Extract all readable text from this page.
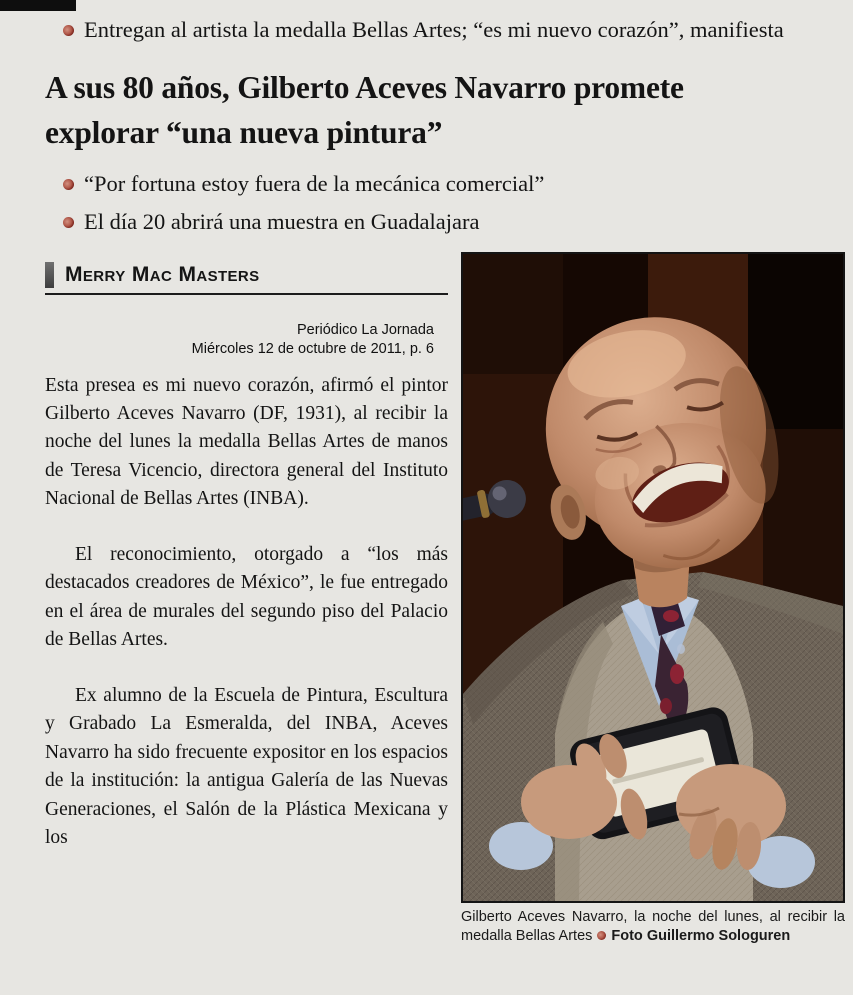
Entregan al artista la medalla Bellas Artes; “es mi nuevo corazón”, manifiesta

A sus 80 años, Gilberto Aceves Navarro promete explorar “una nueva pintura”
“Por fortuna estoy fuera de la mecánica comercial”
El día 20 abrirá una muestra en Guadalajara
Merry Mac Masters
Periódico La Jornada
Miércoles 12 de octubre de 2011, p. 6

Esta presea es mi nuevo corazón, afirmó el pintor Gilberto Aceves Navarro (DF, 1931), al recibir la noche del lunes la medalla Bellas Artes de manos de Teresa Vicencio, directora general del Instituto Nacional de Bellas Artes (INBA).

El reconocimiento, otorgado a “los más destacados creadores de México”, le fue entregado en el área de murales del segundo piso del Palacio de Bellas Artes.

Ex alumno de la Escuela de Pintura, Escultura y Grabado La Esmeralda, del INBA, Aceves Navarro ha sido frecuente expositor en los espacios de la institución: la antigua Galería de las Nuevas Generaciones, el Salón de la Plástica Mexicana y los

Gilberto Aceves Navarro, la noche del lunes, al recibir la medalla Bellas Artes Foto Guillermo Sologuren
